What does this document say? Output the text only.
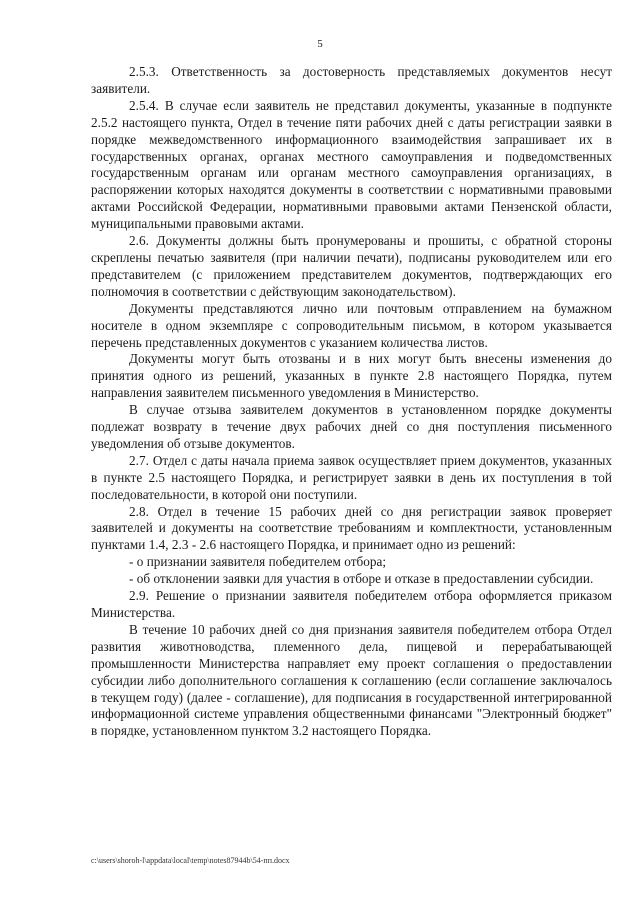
5

2.5.3. Ответственность за достоверность представляемых документов несут заявители.

2.5.4. В случае если заявитель не представил документы, указанные в подпункте 2.5.2 настоящего пункта, Отдел в течение пяти рабочих дней с даты регистрации заявки в порядке межведомственного информационного взаимодействия запрашивает их в государственных органах, органах местного самоуправления и подведомственных государственным органам или органам местного самоуправления организациях, в распоряжении которых находятся документы в соответствии с нормативными правовыми актами Российской Федерации, нормативными правовыми актами Пензенской области, муниципальными правовыми актами.

2.6. Документы должны быть пронумерованы и прошиты, с обратной стороны скреплены печатью заявителя (при наличии печати), подписаны руководителем или его представителем (с приложением представителем документов, подтверждающих его полномочия в соответствии с действующим законодательством).

Документы представляются лично или почтовым отправлением на бумажном носителе в одном экземпляре с сопроводительным письмом, в котором указывается перечень представленных документов с указанием количества листов.

Документы могут быть отозваны и в них могут быть внесены изменения до принятия одного из решений, указанных в пункте 2.8 настоящего Порядка, путем направления заявителем письменного уведомления в Министерство.

В случае отзыва заявителем документов в установленном порядке документы подлежат возврату в течение двух рабочих дней со дня поступления письменного уведомления об отзыве документов.

2.7. Отдел с даты начала приема заявок осуществляет прием документов, указанных в пункте 2.5 настоящего Порядка, и регистрирует заявки в день их поступления в той последовательности, в которой они поступили.

2.8. Отдел в течение 15 рабочих дней со дня регистрации заявок проверяет заявителей и документы на соответствие требованиям и комплектности, установленным пунктами 1.4, 2.3 - 2.6 настоящего Порядка, и принимает одно из решений:

- о признании заявителя победителем отбора;

- об отклонении заявки для участия в отборе и отказе в предоставлении субсидии.

2.9. Решение о признании заявителя победителем отбора оформляется приказом Министерства.

В течение 10 рабочих дней со дня признания заявителя победителем отбора Отдел развития животноводства, племенного дела, пищевой и перерабатывающей промышленности Министерства направляет ему проект соглашения о предоставлении субсидии либо дополнительного соглашения к соглашению (если соглашение заключалось в текущем году) (далее - соглашение), для подписания в государственной интегрированной информационной системе управления общественными финансами "Электронный бюджет" в порядке, установленном пунктом 3.2 настоящего Порядка.

c:\users\shoroh-l\appdata\local\temp\notes87944b\54-пп.docx
